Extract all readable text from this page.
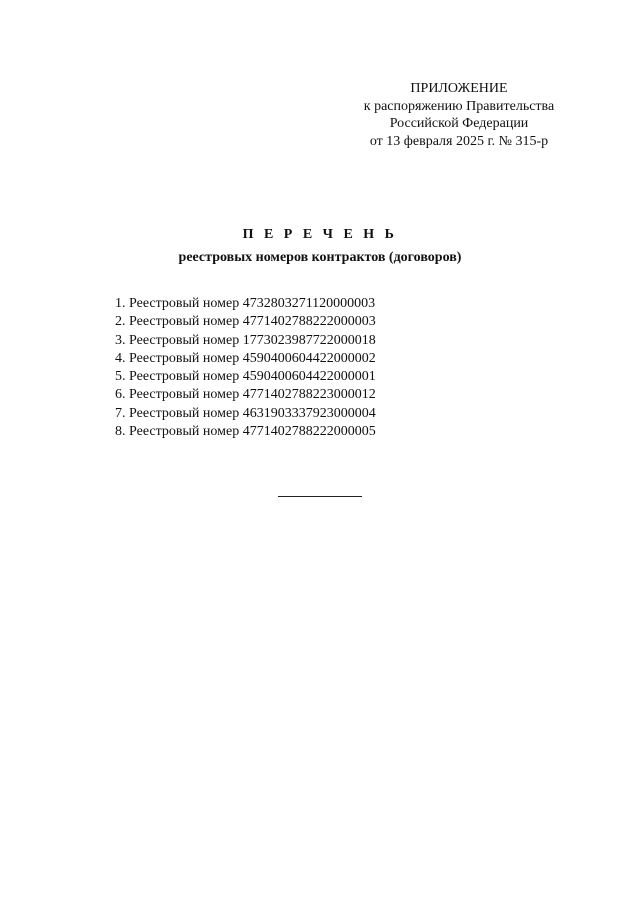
ПРИЛОЖЕНИЕ
к распоряжению Правительства
Российской Федерации
от 13 февраля 2025 г. № 315-р
П Е Р Е Ч Е Н Ь
реестровых номеров контрактов (договоров)
1. Реестровый номер 4732803271120000003
2. Реестровый номер 4771402788222000003
3. Реестровый номер 1773023987722000018
4. Реестровый номер 4590400604422000002
5. Реестровый номер 4590400604422000001
6. Реестровый номер 4771402788223000012
7. Реестровый номер 4631903337923000004
8. Реестровый номер 4771402788222000005
